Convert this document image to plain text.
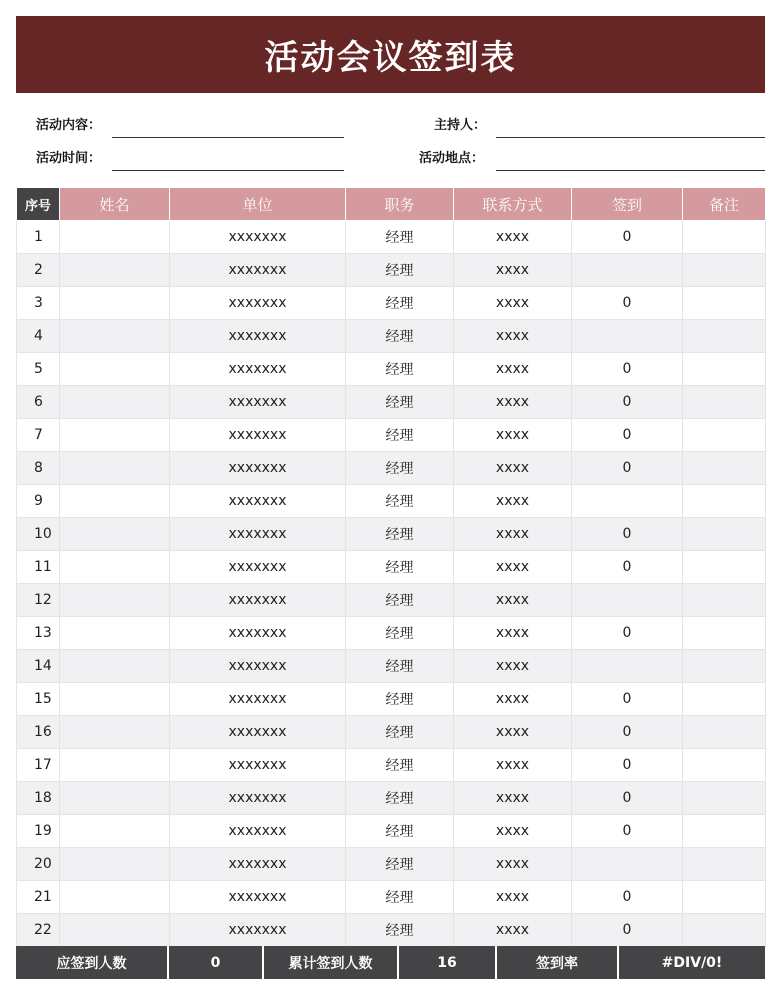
活动会议签到表
活动内容：	主持人：
活动时间：	活动地点：
序号	姓名	单位	职务	联系方式	签到	备注
1		xxxxxxx	经理	xxxx	0	
2		xxxxxxx	经理	xxxx		
3		xxxxxxx	经理	xxxx	0	
4		xxxxxxx	经理	xxxx		
5		xxxxxxx	经理	xxxx	0	
6		xxxxxxx	经理	xxxx	0	
7		xxxxxxx	经理	xxxx	0	
8		xxxxxxx	经理	xxxx	0	
9		xxxxxxx	经理	xxxx		
10		xxxxxxx	经理	xxxx	0	
11		xxxxxxx	经理	xxxx	0	
12		xxxxxxx	经理	xxxx		
13		xxxxxxx	经理	xxxx	0	
14		xxxxxxx	经理	xxxx		
15		xxxxxxx	经理	xxxx	0	
16		xxxxxxx	经理	xxxx	0	
17		xxxxxxx	经理	xxxx	0	
18		xxxxxxx	经理	xxxx	0	
19		xxxxxxx	经理	xxxx	0	
20		xxxxxxx	经理	xxxx		
21		xxxxxxx	经理	xxxx	0	
22		xxxxxxx	经理	xxxx	0	
应签到人数	0	累计签到人数	16	签到率	#DIV/0!
